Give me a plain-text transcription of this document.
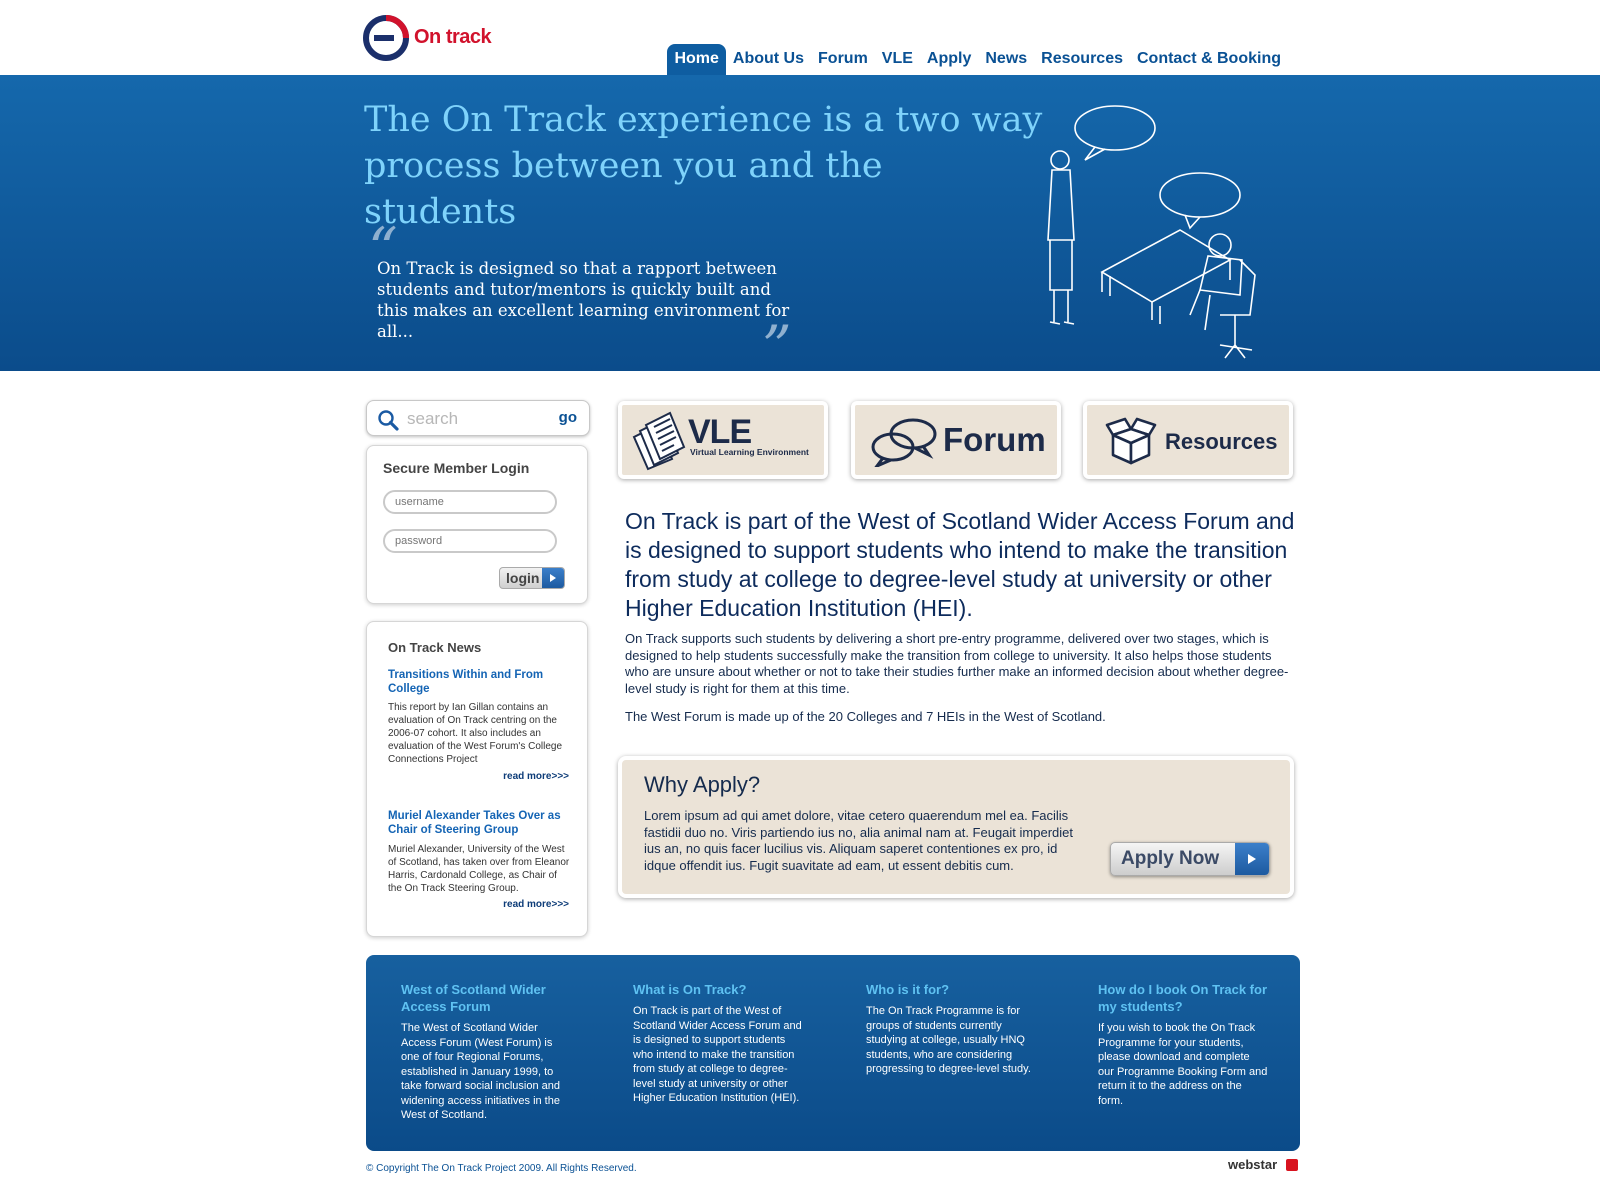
On track
Home About Us Forum VLE Apply News Resources Contact & Booking
The On Track experience is a two way process between you and the students
“
On Track is designed so that a rapport between students and tutor/mentors is quickly built and this makes an excellent learning environment for all...	”
search
go
Secure Member Login
username
login
On Track News
Transitions Within and From College
This report by Ian Gillan contains an evaluation of On Track centring on the 2006-07 cohort. It also includes an evaluation of the West Forum's College Connections Project
read more>>>
Muriel Alexander Takes Over as Chair of Steering Group
Muriel Alexander, University of the West of Scotland, has taken over from Eleanor Harris, Cardonald College, as Chair of the On Track Steering Group.
read more>>>
VLE
Virtual Learning Environment	Forum	Resources
On Track is part of the West of Scotland Wider Access Forum and is designed to support students who intend to make the transition from study at college to degree-level study at university or other Higher Education Institution (HEI).
On Track supports such students by delivering a short pre-entry programme, delivered over two stages, which is designed to help students successfully make the transition from college to university. It also helps those students who are unsure about whether or not to take their studies further make an informed decision about whether degree-level study is right for them at this time.
The West Forum is made up of the 20 Colleges and 7 HEIs in the West of Scotland.
Why Apply?
Lorem ipsum ad qui amet dolore, vitae cetero quaerendum mel ea. Facilis fastidii duo no. Viris partiendo ius no, alia animal nam at. Feugait imperdiet ius an, no quis facer lucilius vis. Aliquam saperet contentiones ex pro, id idque offendit ius. Fugit suavitate ad eam, ut essent debitis cum.	Apply Now
West of Scotland Wider Access Forum

The West of Scotland Wider Access Forum (West Forum) is one of four Regional Forums, established in January 1999, to take forward social inclusion and widening access initiatives in the West of Scotland.

What is On Track?

On Track is part of the West of Scotland Wider Access Forum and is designed to support students who intend to make the transition from study at college to degree-level study at university or other Higher Education Institution (HEI).

Who is it for?

The On Track Programme is for groups of students currently studying at college, usually HNQ students, who are considering progressing to degree-level study.

How do I book On Track for my students?

If you wish to book the On Track Programme for your students, please download and complete our Programme Booking Form and return it to the address on the form.

© Copyright The On Track Project 2009. All Rights Reserved.	webstar
